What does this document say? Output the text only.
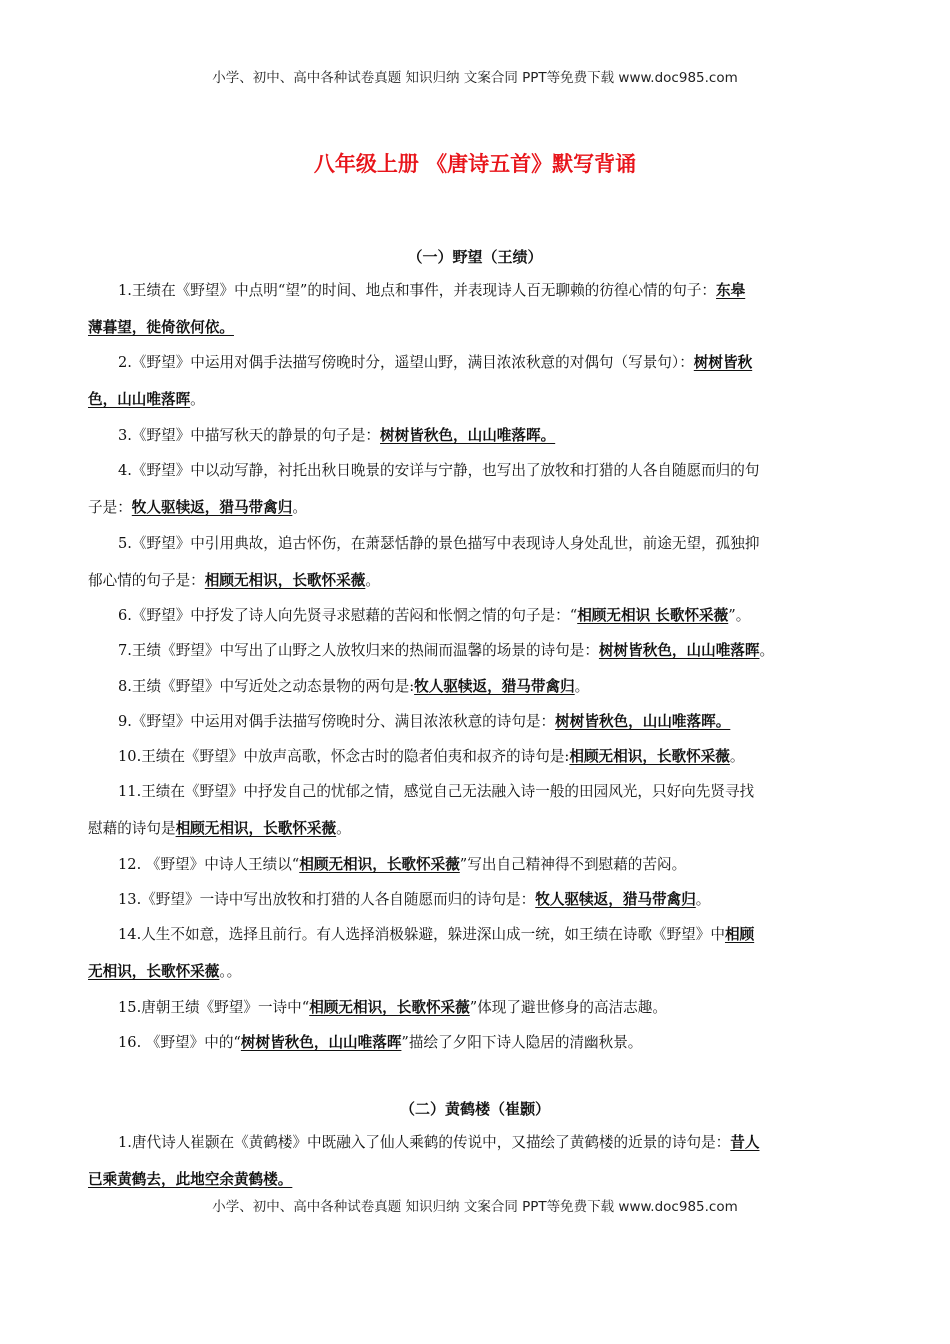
小学、初中、高中各种试卷真题 知识归纳 文案合同 PPT等免费下载 www.doc985.com
八年级上册 《唐诗五首》默写背诵
（一）野望（王绩）
1.王绩在《野望》中点明“望”的时间、地点和事件，并表现诗人百无聊赖的彷徨心情的句子：东皋
薄暮望，徙倚欲何依。
2.《野望》中运用对偶手法描写傍晚时分，遥望山野，满目浓浓秋意的对偶句（写景句）：树树皆秋
色，山山唯落晖。
3.《野望》中描写秋天的静景的句子是：树树皆秋色，山山唯落晖。
4.《野望》中以动写静，衬托出秋日晚景的安详与宁静，也写出了放牧和打猎的人各自随愿而归的句
子是：牧人驱犊返，猎马带禽归。
5.《野望》中引用典故，追古怀伤，在萧瑟恬静的景色描写中表现诗人身处乱世，前途无望，孤独抑
郁心情的句子是：相顾无相识，长歌怀采薇。
6.《野望》中抒发了诗人向先贤寻求慰藉的苦闷和怅惘之情的句子是：“相顾无相识 长歌怀采薇”。
7.王绩《野望》中写出了山野之人放牧归来的热闹而温馨的场景的诗句是：树树皆秋色，山山唯落晖。
8.王绩《野望》中写近处之动态景物的两句是:牧人驱犊返，猎马带禽归。
9.《野望》中运用对偶手法描写傍晚时分、满目浓浓秋意的诗句是：树树皆秋色，山山唯落晖。
10.王绩在《野望》中放声高歌，怀念古时的隐者伯夷和叔齐的诗句是:相顾无相识，长歌怀采薇。
11.王绩在《野望》中抒发自己的忧郁之情，感觉自己无法融入诗一般的田园风光，只好向先贤寻找
慰藉的诗句是相顾无相识，长歌怀采薇。
12. 《野望》中诗人王绩以“相顾无相识，长歌怀采薇”写出自己精神得不到慰藉的苦闷。
13.《野望》一诗中写出放牧和打猎的人各自随愿而归的诗句是：牧人驱犊返，猎马带禽归。
14.人生不如意，选择且前行。有人选择消极躲避，躲进深山成一统，如王绩在诗歌《野望》中相顾
无相识，长歌怀采薇。。
15.唐朝王绩《野望》一诗中“相顾无相识，长歌怀采薇”体现了避世修身的高洁志趣。
16. 《野望》中的“树树皆秋色，山山唯落晖”描绘了夕阳下诗人隐居的清幽秋景。
（二）黄鹤楼（崔颢）
1.唐代诗人崔颢在《黄鹤楼》中既融入了仙人乘鹤的传说中，又描绘了黄鹤楼的近景的诗句是：昔人
已乘黄鹤去，此地空余黄鹤楼。
小学、初中、高中各种试卷真题 知识归纳 文案合同 PPT等免费下载 www.doc985.com
